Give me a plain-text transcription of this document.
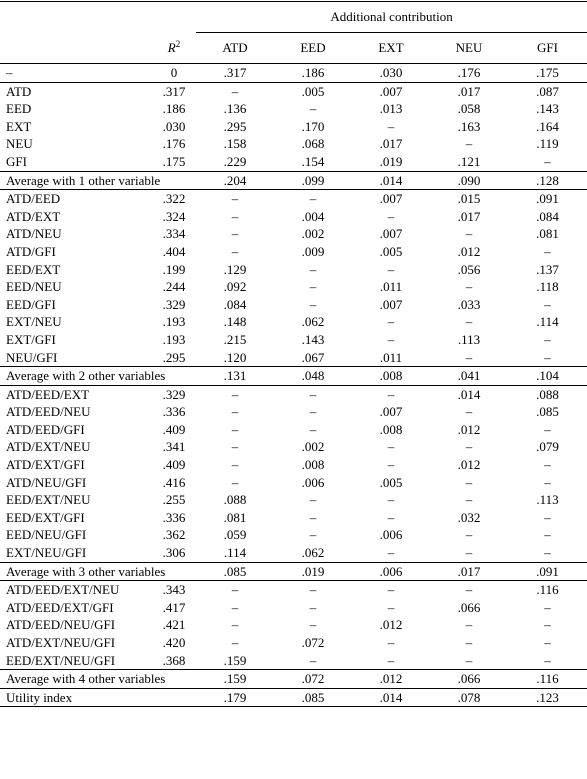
		Additional contribution				
	$R^2$	ATD	EED	EXT	NEU	GFI
–	0	.317	.186	.030	.176	.175
ATD	.317	–	.005	.007	.017	.087
EED	.186	.136	–	.013	.058	.143
EXT	.030	.295	.170	–	.163	.164
NEU	.176	.158	.068	.017	–	.119
GFI	.175	.229	.154	.019	.121	–
Average with 1 other variable		.204	.099	.014	.090	.128
ATD/EED	.322	–	–	.007	.015	.091
ATD/EXT	.324	–	.004	–	.017	.084
ATD/NEU	.334	–	.002	.007	–	.081
ATD/GFI	.404	–	.009	.005	.012	–
EED/EXT	.199	.129	–	–	.056	.137
EED/NEU	.244	.092	–	.011	–	.118
EED/GFI	.329	.084	–	.007	.033	–
EXT/NEU	.193	.148	.062	–	–	.114
EXT/GFI	.193	.215	.143	–	.113	–
NEU/GFI	.295	.120	.067	.011	–	–
Average with 2 other variables		.131	.048	.008	.041	.104
ATD/EED/EXT	.329	–	–	–	.014	.088
ATD/EED/NEU	.336	–	–	.007	–	.085
ATD/EED/GFI	.409	–	–	.008	.012	–
ATD/EXT/NEU	.341	–	.002	–	–	.079
ATD/EXT/GFI	.409	–	.008	–	.012	–
ATD/NEU/GFI	.416	–	.006	.005	–	–
EED/EXT/NEU	.255	.088	–	–	–	.113
EED/EXT/GFI	.336	.081	–	–	.032	–
EED/NEU/GFI	.362	.059	–	.006	–	–
EXT/NEU/GFI	.306	.114	.062	–	–	–
Average with 3 other variables		.085	.019	.006	.017	.091
ATD/EED/EXT/NEU	.343	–	–	–	–	.116
ATD/EED/EXT/GFI	.417	–	–	–	.066	–
ATD/EED/NEU/GFI	.421	–	–	.012	–	–
ATD/EXT/NEU/GFI	.420	–	.072	–	–	–
EED/EXT/NEU/GFI	.368	.159	–	–	–	–
Average with 4 other variables		.159	.072	.012	.066	.116
Utility index		.179	.085	.014	.078	.123
